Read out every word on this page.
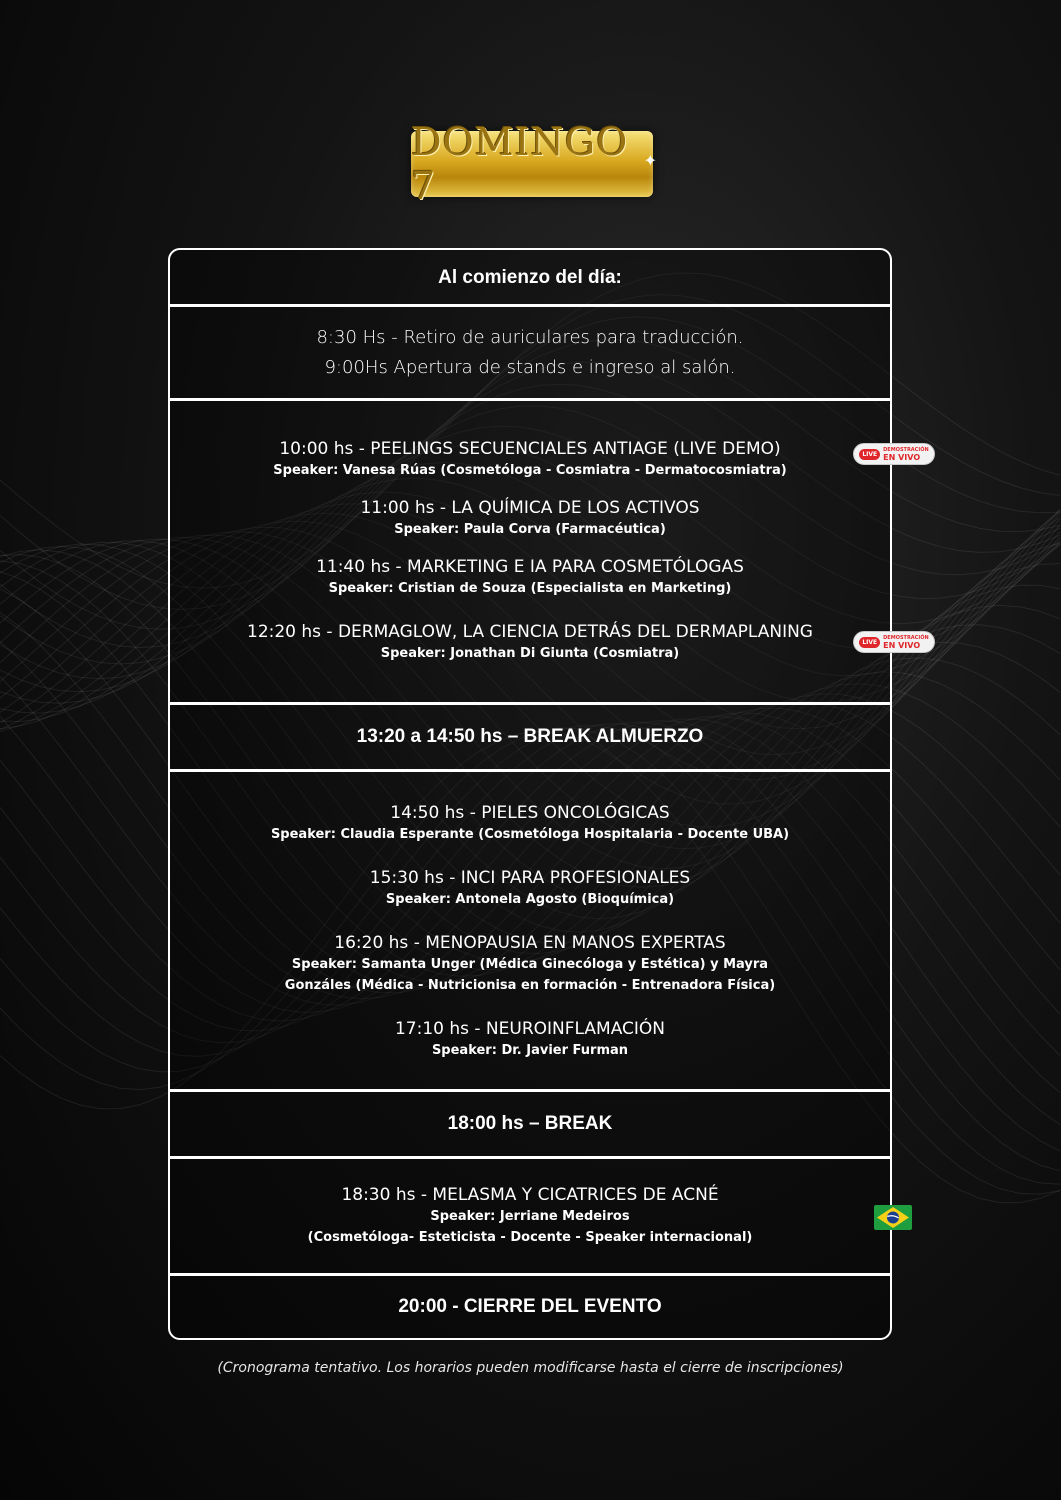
DOMINGO 7
✦
Al comienzo del día:
8:30 Hs - Retiro de auriculares para traducción.
9:00Hs Apertura de stands e ingreso al salón.
10:00 hs - PEELINGS SECUENCIALES ANTIAGE (LIVE DEMO)
Speaker: Vanesa Rúas (Cosmetóloga - Cosmiatra - Dermatocosmiatra)
11:00 hs - LA QUÍMICA DE LOS ACTIVOS
Speaker: Paula Corva (Farmacéutica)
11:40 hs - MARKETING E IA PARA COSMETÓLOGAS
Speaker: Cristian de Souza (Especialista en Marketing)
12:20 hs - DERMAGLOW, LA CIENCIA DETRÁS DEL DERMAPLANING
Speaker: Jonathan Di Giunta (Cosmiatra)
13:20 a 14:50 hs – BREAK ALMUERZO
14:50 hs - PIELES ONCOLÓGICAS
Speaker: Claudia Esperante (Cosmetóloga Hospitalaria - Docente UBA)
15:30 hs - INCI PARA PROFESIONALES
Speaker: Antonela Agosto (Bioquímica)
16:20 hs - MENOPAUSIA EN MANOS EXPERTAS
Speaker: Samanta Unger (Médica Ginecóloga y Estética) y Mayra
Gonzáles (Médica - Nutricionisa en formación - Entrenadora Física)
17:10 hs - NEUROINFLAMACIÓN
Speaker: Dr. Javier Furman
18:00 hs – BREAK
18:30 hs - MELASMA Y CICATRICES DE ACNÉ
Speaker: Jerriane Medeiros
(Cosmetóloga- Esteticista - Docente - Speaker internacional)
20:00 - CIERRE DEL EVENTO
LIVE
DEMOSTRACIÓN
EN VIVO
LIVE
DEMOSTRACIÓN
EN VIVO
(Cronograma tentativo. Los horarios pueden modificarse hasta el cierre de inscripciones)
